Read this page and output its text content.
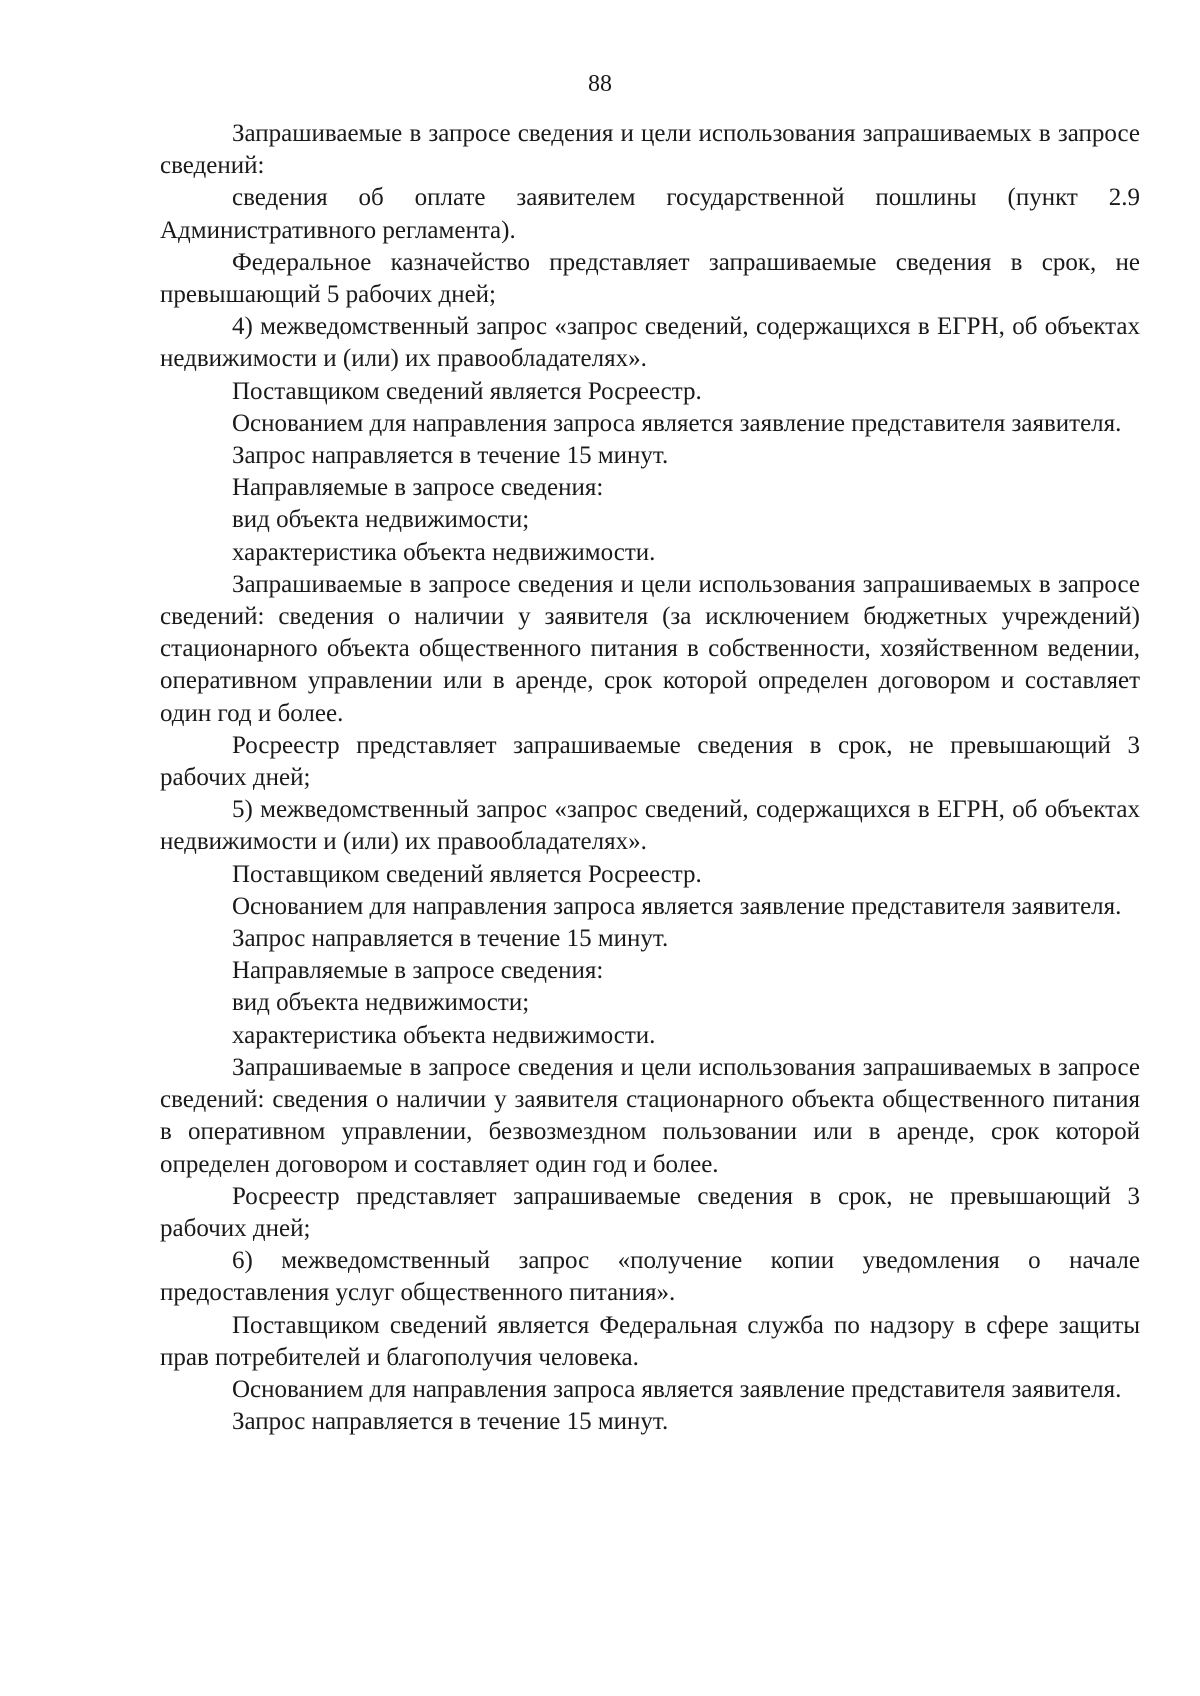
88

Запрашиваемые в запросе сведения и цели использования запрашиваемых в запросе сведений:

сведения об оплате заявителем государственной пошлины (пункт 2.9 Административного регламента).

Федеральное казначейство представляет запрашиваемые сведения в срок, не превышающий 5 рабочих дней;

4) межведомственный запрос «запрос сведений, содержащихся в ЕГРН, об объектах недвижимости и (или) их правообладателях».

Поставщиком сведений является Росреестр.

Основанием для направления запроса является заявление представителя заявителя.

Запрос направляется в течение 15 минут.

Направляемые в запросе сведения:

вид объекта недвижимости;

характеристика объекта недвижимости.

Запрашиваемые в запросе сведения и цели использования запрашиваемых в запросе сведений: сведения о наличии у заявителя (за исключением бюджетных учреждений) стационарного объекта общественного питания в собственности, хозяйственном ведении, оперативном управлении или в аренде, срок которой определен договором и составляет один год и более.

Росреестр представляет запрашиваемые сведения в срок, не превышающий 3 рабочих дней;

5) межведомственный запрос «запрос сведений, содержащихся в ЕГРН, об объектах недвижимости и (или) их правообладателях».

Поставщиком сведений является Росреестр.

Основанием для направления запроса является заявление представителя заявителя.

Запрос направляется в течение 15 минут.

Направляемые в запросе сведения:

вид объекта недвижимости;

характеристика объекта недвижимости.

Запрашиваемые в запросе сведения и цели использования запрашиваемых в запросе сведений: сведения о наличии у заявителя стационарного объекта общественного питания в оперативном управлении, безвозмездном пользовании или в аренде, срок которой определен договором и составляет один год и более.

Росреестр представляет запрашиваемые сведения в срок, не превышающий 3 рабочих дней;

6) межведомственный запрос «получение копии уведомления о начале предоставления услуг общественного питания».

Поставщиком сведений является Федеральная служба по надзору в сфере защиты прав потребителей и благополучия человека.

Основанием для направления запроса является заявление представителя заявителя.

Запрос направляется в течение 15 минут.
